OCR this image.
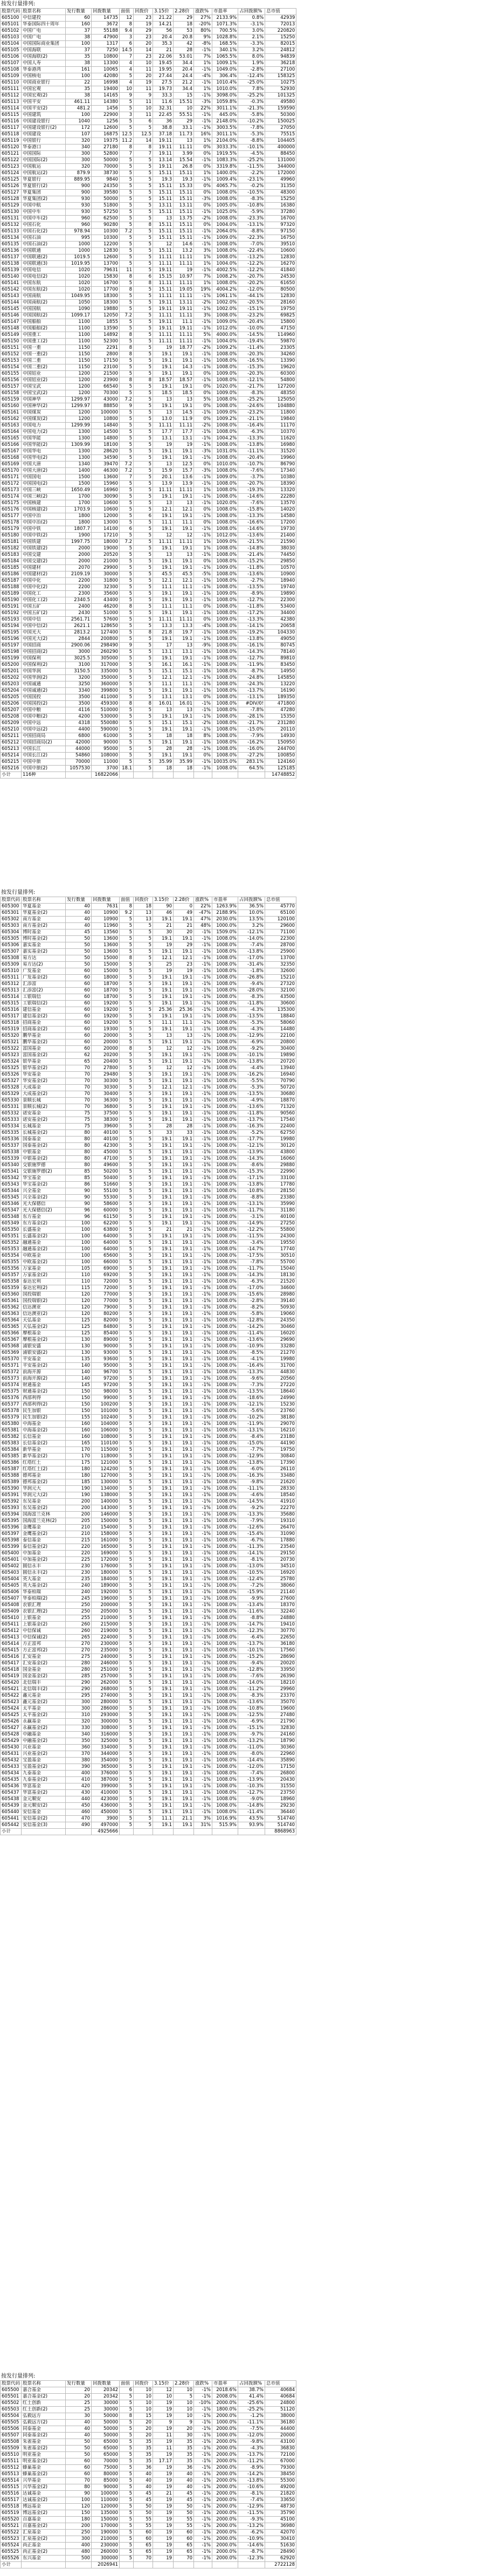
按发行量排列:
股票代码	股票名称	发行数量	回拨数量	面值	回拨价	3.15价	2.28价	涨跌%	市盈率	占回拨额%	总市值
605100	中信建投	60	14735	12	23	21.22	29	27%	2133.9%	0.8%	42939
605101	华泰国际四十周年	160	3672	8	19	14.21	18	-20%	1071.3%	-3.1%	72013
605102	中国广电	37	55188	9.4	29	56	53	80%	700.5%	3.0%	220820
605103	中国广电	38	47900	3	23	20.4	20.8	9%	1028.8%	2.1%	15250
605104	中国国际商业集团	100	1317	6	20	35.3	42	-8%	168.5%	-3.3%	82015
605105	中国海联	37	7250	14.5	14	21	28	-1%	340.1%	3.2%	24812
605106	中国海联(2)	35	10800	7	23	22.06	53.01	7%	1065.5%	8.0%	94839
605107	中国人寿	38	13300	4	10	19.45	34.4	1%	1009.1%	1.9%	36218
605108	华泰港湾	161	10065	4	11	19.95	20.4	-1%	1049.0%	-2.8%	27100
605109	中国核电	100	42080	5	20	27.44	24.4	-4%	306.4%	-12.4%	158325
605110	中国商业银行	22	16998	4	19	27.5	21.2	-1%	1010.4%	-25.0%	10275
605111	中国宏观	35	19400	10	11	19.73	34.4	1%	1010.0%	7.8%	52930
605112	中国宏观(2)	38	14165	9	9	33.3	15	-1%	3098.0%	-25.2%	101325
605113	中国平安	461.11	14380	5	11	11.6	15.51	-3%	1059.8%	-0.3%	49580
605114	中国平安(2)	481.2	1456	5	10	32.31	10	22%	3011.1%	-21.3%	159590
605115	中国建筑	100	22900	3	11	22.45	55.51	-1%	445.0%	-5.8%	50300
605116	中国建设银行	1040	1256	5	6	36	29	-1%	2148.0%	-10.2%	150025
605117	中国建设银行(2)	172	12600	5	5	38.8	33.1	-1%	3003.5%	-7.8%	27050
605118	中国建设	107	16875	12.5	12.5	37.18	11.73	16%	3011.1%	-5.3%	75515
605119	中国银行	320	19375	11.2	14	19.11	13	1%	2104.0%	-8.8%	104405
605120	华泰港口	340	27180	8	8	19.11	11.11	0%	3033.3%	-10.1%	400000
605121	中国国际	300	52800	7	7	19.11	3.99	0%	1919.5%	-4.5%	88450
605122	中国国际(2)	300	50000	5	5	13.14	15.54	-1%	1083.3%	-25.2%	131000
605123	中国航运	320	70000	5	5	19.11	26.8	0%	3319.8%	-11.5%	344000
605124	中国航运(2)	879.9	38730	5	5	15.11	15.11	1%	1400.0%	-2.2%	172000
605125	华夏银行	889.95	9840	5	5	19.3	19.3	-1%	1009.4%	-23.1%	49960
605126	华夏银行(2)	900	24350	5	5	15.11	15.33	0%	4065.7%	-0.2%	31350
605127	华夏集团	900	39580	5	5	15.11	15.11	0%	1008.0%	-10.5%	48300
605128	华夏集团(2)	930	50000	5	5	15.11	15.11	-3%	1008.0%	-8.3%	15250
605129	中国中航	930	51800	5	5	13.11	13.11	0%	1005.0%	-10.8%	16380
605130	中国中车	930	57250	5	5	15.11	15.11	-1%	1025.0%	-5.9%	37280
605131	中国中车(2)	960	62500	5	5	13	13.75	-2%	1008.0%	-23.3%	16700
605132	中国石化	960	90280	5	8	15.11	15.11	0%	1004.0%	-13.1%	97320
605133	中国石化(2)	978.94	10300	7.2	5	15.11	15.11	-1%	2064.0%	-8.8%	97150
605134	中国石油	995	10300	5	5	15.11	15.11	-1%	1009.0%	-22.3%	16750
605135	中国石油(2)	1000	12200	5	5	12	14.6	-1%	1008.0%	-7.0%	39510
605136	中国联通	1000	12830	5	5	15.11	13.2	3%	1008.0%	-22.4%	10600
605137	中国联通(2)	1019.5	12600	5	5	11.11	11.11	1%	1008.0%	-13.2%	12830
605138	中国联通(3)	1019.95	13700	5	5	11.11	11.11	1%	1004.0%	-12.2%	16270
605139	中国电信	1020	79631	11	5	19.11	19	-1%	4002.5%	-12.2%	41840
605140	中国电信(2)	1020	15830	8	6	15.15	10.97	7%	1008.2%	-20.7%	24530
605141	中国东航	1020	16700	5	8	11.11	11.11	1%	1008.0%	-20.2%	61650
605142	中国东航(2)	1020	17700	8	5	15.11	19.05	19%	4004.2%	-12.0%	80500
605143	中国南航	1049.95	18300	5	5	11.11	11.11	-1%	1061.1%	-44.1%	12830
605144	中国南航(2)	1050	18300	5	5	19.11	13.11	-2%	1002.0%	-20.5%	28160
605145	中国国航	1090	19880	5	5	19.11	19.11	-1%	1002.0%	-15.1%	19750
605146	中国国航(2)	1099.17	12050	7.2	5	11.11	11.11	3%	1008.0%	-23.2%	69825
605147	中国船舶	1100	1855	5	5	19.11	11.1	-1%	1009.0%	-20.4%	15800
605148	中国船舶(2)	1100	13590	5	5	19.11	19.11	-1%	1012.0%	-10.0%	47150
605149	中国重工	1100	14892	8	5	11.11	11.11	5%	4000.0%	-14.5%	114960
605150	中国重工(2)	1100	52300	5	5	11.11	11.11	-1%	1004.0%	-19.4%	59870
605151	中国一重	1150	2291	8	5	19	18.77	-2%	1009.2%	-11.4%	23305
605152	中国一重(2)	1150	2800	8	5	19.1	19.1	-1%	1008.0%	-20.3%	34260
605153	中国二重	1150	17150	5	5	19.1	19.1	-1%	1008.0%	-16.5%	13390
605154	中国二重(2)	1150	23100	5	5	19.1	14.3	-1%	1008.0%	-15.3%	19620
605155	中国铝业	1200	21500	5	5	19.1	19.1	0%	1009.0%	-20.3%	60300
605156	中国铝业(2)	1200	23900	8	8	18.57	18.57	-1%	1008.0%	-12.1%	54800
605157	中国宝武	1200	66540	5	5	19.1	19.1	0%	1020.0%	-21.7%	127200
605158	中国宝武(2)	1200	70300	5	5	18.5	18.5	0%	1009.0%	-8.3%	48350
605159	中国神华	1299.97	43000	7.2	5	13	13	5%	1008.0%	-25.2%	125050
605160	中国神华(2)	1299.97	88850	9	5	19.1	19.1	0%	1008.0%	-24.6%	104880
605161	中国煤炭	1200	100000	5	5	13	14.5	-1%	1009.0%	-23.2%	11800
605162	中国煤炭(2)	1200	10800	5	5	13.0	11.9	0%	1009.2%	-21.1%	19840
605163	中国电力	1299.99	14840	5	5	11.11	11.11	-2%	1008.0%	-16.4%	11170
605164	中国电力(2)	1300	14500	5	5	17.7	17.7	-1%	1008.0%	-6.3%	10370
605165	中国华能	1300	14800	5	5	13.1	13.1	-1%	1004.2%	-13.3%	11620
605166	中国华能(2)	1309.99	18100	5	5	19	19	-1%	1008.0%	-13.8%	16980
605167	中国华电	1300	28620	5	5	19.1	19.1	-3%	1031.0%	-11.1%	31520
605168	中国华电(2)	1300	34590	5	5	19.1	19.1	-1%	1008.0%	-20.4%	19960
605169	中国大唐	1340	39470	7.2	5	13	12.5	0%	1010.0%	-10.7%	86790
605170	中国大唐(2)	1400	46300	7.2	5	15.9	15.7	-3%	1008.0%	-7.6%	17340
605171	中国国电	1500	13600	7	5	20.1	13.6	-1%	1009.0%	-3.7%	10380
605172	中国国电(2)	1500	15960	5	5	13.9	13.9	-1%	1008.0%	-20.7%	18390
605173	中国三峡	1650.49	16960	5	5	11.11	11.11	1%	1008.0%	-19.3%	13320
605174	中国三峡(2)	1700	30090	5	5	19.1	19.1	-1%	1008.0%	-14.6%	22280
605175	中国核建	1700	10600	5	5	13	13	-1%	1020.0%	-7.6%	13570
605176	中国核建(2)	1703.9	10600	5	5	12.1	12.1	0%	1008.0%	-15.8%	14020
605177	中国中冶	1800	12000	5	6	19.1	19.1	-1%	1008.0%	-13.3%	14580
605178	中国中冶(2)	1800	13000	5	5	11.1	11.1	0%	1008.0%	-16.6%	17200
605179	中国中铁	1807.7	14100	6	5	19.1	19.1	-1%	1008.0%	-14.6%	19730
605180	中国中铁(2)	1900	17210	5	5	12	12	-1%	1012.0%	-13.6%	21400
605181	中国铁建	1997.75	18000	7.2	5	11.11	11.11	1%	1009.0%	-21.5%	21590
605182	中国铁建(2)	2000	19000	5	5	19.1	19.1	1%	1008.0%	-14.8%	38030
605183	中国交建	2000	20520	5	5	13	13	-1%	1008.0%	-21.4%	74450
605184	中国交建(2)	2000	21000	5	5	19.1	19.1	0%	1008.0%	-15.2%	29850
605185	中国建材	2070	29900	5	5	19.1	19.1	-1%	1009.0%	-11.8%	10570
605186	中国建材(2)	2109.19	30000	5	5	45.5	45.5	-5%	1008.0%	-13.6%	10900
605187	中国中化	2200	31800	5	5	12.1	12.1	-1%	1008.0%	-2.7%	18940
605188	中国中化(2)	2200	32300	5	5	11.1	11.1	-1%	1008.0%	-13.5%	19740
605189	中国化工	2300	35600	5	5	19.1	19.1	-1%	1009.0%	-8.9%	19890
605190	中国化工(2)	2340.5	43400	5	5	19.1	19.1	-1%	1008.0%	-12.7%	22300
605191	中国五矿	2400	46200	8	5	11.1	11.1	0%	1008.0%	-11.8%	53400
605192	中国五矿(2)	2430	51000	5	5	19.1	19.1	-1%	1008.0%	-17.2%	34400
605193	中国中信	2561.71	57600	5	5	11.11	11.11	0%	1009.0%	-13.3%	42380
605194	中国中信(2)	2621.1	128650	5	5	13.3	13.3	-4%	1008.0%	-14.1%	20658
605195	中国光大	2813.2	127400	5	8	21.8	19.7	-1%	1008.0%	-19.2%	104330
605196	中国光大(2)	2844	200800	5	5	19.1	19.1	-1%	1008.0%	-13.8%	49050
605197	中国招商	2900.06	298490	9	5	17	13	-9%	1008.0%	-16.1%	80745
605198	中国招商(2)	3000	260290	5	5	13.1	13.1	-1%	1008.0%	-14.3%	78140
605199	中国保利	3025.5	305000	5	5	19.1	19.1	-1%	1008.0%	-12.7%	89810
605200	中国保利(2)	3100	317000	5	5	16.1	16.1	-1%	1008.0%	-11.9%	83450
605201	中国华润	3150.5	335000	5	5	15.1	15.1	-1%	1008.0%	-8.7%	14950
605202	中国华润(2)	3200	350000	5	5	12.1	12.1	-1%	1008.0%	-24.8%	145850
605203	中国诚通	3250	360000	5	5	11.1	11.1	-1%	1008.0%	-24.3%	13220
605204	中国诚通(2)	3340	399800	5	5	19.1	19.1	-1%	1008.0%	-13.7%	16190
605205	中国国投	3500	411000	5	5	13.1	13.1	0%	1008.0%	-13.1%	189350
605206	中国国投(2)	3500	459300	8	8	16.01	16.01	-1%	1008.0%	#DIV/0!	471800
605207	中国中粮	4116	510000	5	5	13	13	-1%	1008.0%	-7.8%	47280
605208	中国中粮(2)	4200	530000	5	5	19.1	19.1	-1%	1008.0%	-28.1%	15350
605209	中国中远	4318	550080	5	5	15.1	15.1	-2%	1008.0%	-21.7%	231280
605210	中国中远(2)	4400	590000	5	5	19.1	19.1	-1%	1008.0%	-15.0%	20110
605211	中国招商局	6800	61000	5	5	18	18	8%	1008.0%	-7.9%	14930
605212	中国招商局(2)	42000	90000	5	5	19.1	19.1	-1%	1008.0%	-16.2%	150950
605213	中国长江	44000	95000	5	5	28	28	-1%	1008.0%	-16.0%	244700
605214	中国长江(2)	54860	108000	5	5	19.1	19.1	0%	1008.0%	-27.2%	100850
605215	中国中旅	70000	11000	5	5	35.99	35.99	-1%	10035.0%	283.1%	124160
605216	中国中旅(2)	1057530	3700	18.1	5	18	18	-1%	1008.0%	64.5%	125185
小计	116种		16822066								14748852
按发行量排列:
股票代码	股票名称	发行数量	回拨数量	面值	回拨价	3.15价	2.28价	涨跌%	市盈率	占回拨额%	总市值
605300	华夏基金	40	7631	8	18	90	0	22%	1263.9%	36.5%	45770
605301	华夏基金(2)	40	10900	9.2	13	46	49	-47%	2188.9%	10.0%	65100
605302	南方基金	40	10900	5	13	19.1	19.1	47%	2030.0%	13.5%	120100
605303	南方基金(2)	40	11960	5	5	21	21	48%	1000.0%	3.2%	29600
605304	博时基金	45	13560	5	5	30	20	-1%	1509.0%	-12.1%	71100
605305	博时基金(2)	50	13600	5	5	19.1	19.1	-1%	1008.0%	-14.0%	22300
605306	嘉实基金	50	13600	5	5	19	29	-1%	1008.0%	-7.4%	28700
605307	嘉实基金(2)	50	13600	5	5	19.1	19.1	-1%	1008.0%	-13.8%	25900
605308	易方达	50	15000	8	5	12.1	12.1	-1%	1008.0%	-17.0%	13700
605309	易方达(2)	50	15000	5	5	25	23	-1%	1008.0%	-31.4%	32350
605310	广发基金	60	15000	5	5	19	19	-1%	1008.0%	-1.8%	32600
605311	广发基金(2)	60	18000	5	5	19.1	19.1	-1%	1008.0%	-26.8%	15210
605312	汇添富	60	18700	5	5	19.1	19.1	-1%	1008.0%	-9.4%	27320
605313	汇添富(2)	60	18700	5	5	19.1	19.1	-1%	1008.0%	-28.0%	32100
605314	工银瑞信	60	18700	5	5	19.1	19.1	-1%	1008.0%	-8.3%	43500
605315	工银瑞信(2)	60	19200	5	5	19.1	19.1	-1%	1008.0%	-11.8%	30600
605316	建信基金	60	19200	5	5	25.36	25.36	-1%	1008.0%	-4.3%	135300
605317	建信基金(2)	60	19200	5	5	19.1	19.1	-1%	1008.0%	-13.5%	18840
605318	招商基金	60	19200	5	5	11.1	11.1	-1%	1008.0%	-5.3%	58060
605319	招商基金(2)	60	19300	5	5	19.1	19.1	-1%	1008.0%	-4.3%	14480
605320	鹏华基金	60	20000	5	5	13	13	-1%	1008.0%	-12.9%	22100
605321	鹏华基金(2)	60	20000	5	5	19.1	19.1	-1%	1008.0%	-6.9%	20800
605322	富国基金	60	20000	8	5	12	12	-1%	1008.0%	-9.2%	30400
605323	富国基金(2)	62	20200	5	5	19.1	19.1	-1%	1008.0%	-10.1%	19890
605324	银华基金	65	20400	5	5	19.1	19.1	-1%	1008.0%	-13.8%	20720
605325	银华基金(2)	70	27800	5	5	12	12	-1%	1008.0%	-4.4%	13940
605326	华安基金	70	29480	5	5	19.1	19.1	-1%	1008.0%	-16.2%	16940
605327	华安基金(2)	70	30300	5	5	19.1	19.1	-1%	1008.0%	-5.5%	70790
605328	大成基金	70	30300	5	5	12.1	12.1	-1%	1008.0%	-5.3%	50720
605329	大成基金(2)	70	30400	5	5	19.1	19.1	-1%	1008.0%	-13.5%	30680
605330	景顺长城	70	36300	5	5	19.1	19.1	-1%	1008.0%	-4.9%	18870
605331	景顺长城(2)	70	36800	5	5	19.1	19.1	-1%	1008.0%	-13.6%	71320
605332	诺安基金	75	37500	5	5	19.1	19.1	-1%	1008.0%	-11.8%	90560
605333	诺安基金(2)	75	38300	5	5	19.1	19.1	-1%	1008.0%	-13.7%	17540
605334	长城基金	75	39600	5	5	28	28	-1%	1008.0%	-16.3%	22400
605335	长城基金(2)	80	40100	5	5	33	33	-1%	1008.0%	-5.2%	62750
605336	国泰基金	80	40100	5	5	19.1	19.1	-1%	1008.0%	-17.7%	19980
605337	国泰基金(2)	80	42300	5	5	19.1	19.1	-1%	1008.0%	-12.1%	30120
605338	中银基金	80	45000	5	5	19.1	19.1	-1%	1008.0%	-13.9%	43800
605339	中银基金(2)	80	47100	5	5	19.1	19.1	-1%	1008.0%	-14.3%	16060
605340	交银施罗德	80	49600	5	5	19.1	19.1	-1%	1008.0%	-8.6%	29880
605341	交银施罗德(2)	85	50200	5	5	19.1	19.1	-1%	1008.0%	-15.3%	22990
605342	华宝基金	85	50400	5	5	19.1	19.1	-1%	1008.0%	-17.1%	33100
605343	华宝基金(2)	86	51660	5	5	19.1	19.1	-1%	1008.0%	-13.8%	17780
605344	兴全基金	90	55100	5	5	19.1	19.1	-1%	1008.0%	-10.8%	28150
605345	兴全基金(2)	90	55300	5	5	19.1	19.1	-1%	1008.0%	-8.8%	23380
605346	光大保德信	90	58600	5	5	19.1	19.1	-1%	1008.0%	-13.1%	35990
605347	光大保德信(2)	96	60000	5	5	19.1	19.1	-1%	1008.0%	-11.7%	31180
605348	东方基金	96	61150	5	5	19.1	19.1	-1%	1008.0%	-3.1%	40100
605349	东方基金(2)	100	62200	5	5	19.1	19.1	-1%	1008.0%	-14.9%	27250
605350	长盛基金	100	63800	5	5	21	21	-1%	1008.0%	-12.2%	55800
605351	长盛基金(2)	100	64000	5	5	19.1	19.1	-1%	1008.0%	-11.5%	24300
605352	融通基金	100	64000	5	5	19.1	19.1	-1%	1008.0%	-3.4%	19550
605353	融通基金(2)	100	64000	5	5	19.1	19.1	-1%	1008.0%	-14.7%	17740
605354	中欧基金	100	65600	5	5	19.1	19.1	-1%	1008.0%	-17.5%	30510
605355	中欧基金(2)	100	66000	5	5	19.1	19.1	-1%	1008.0%	-7.8%	55700
605356	万家基金	105	69000	5	5	19.1	19.1	-1%	1008.0%	-11.7%	15040
605357	万家基金(2)	110	69200	5	5	19.1	19.1	-1%	1008.0%	-14.3%	18130
605358	泰达宏利	110	72000	5	5	19.1	19.1	-1%	1008.0%	-6.3%	21520
605359	泰达宏利(2)	115	72000	5	5	19.1	19.1	-1%	1008.0%	-17.0%	34600
605360	国投瑞银	120	77000	5	5	19.1	19.1	-1%	1008.0%	-15.6%	28980
605361	国投瑞银(2)	120	77000	5	5	19.1	19.1	-1%	1008.0%	-2.8%	39140
605362	信达澳亚	120	79000	5	5	19.1	19.1	-1%	1008.0%	-8.2%	50930
605363	信达澳亚(2)	120	80200	5	5	19.1	19.1	-1%	1008.0%	-5.8%	19060
605364	天弘基金	125	82000	5	5	19.1	19.1	-1%	1008.0%	-12.8%	24350
605365	天弘基金(2)	125	84800	5	5	19.1	19.1	-1%	1008.0%	-14.2%	30460
605366	摩根基金	125	85400	5	5	19.1	19.1	-1%	1008.0%	-11.4%	16020
605367	摩根基金(2)	130	89000	5	5	19.1	19.1	-1%	1008.0%	-13.6%	29690
605368	浦银安盛	130	90000	5	5	19.1	19.1	-1%	1008.0%	-10.9%	33280
605369	浦银安盛(2)	130	93000	5	5	19.1	19.1	-1%	1008.0%	-8.5%	21270
605370	平安基金	135	93600	5	5	19.1	19.1	-1%	1008.0%	-4.1%	19980
605371	平安基金(2)	140	95000	5	5	19.1	19.1	-1%	1008.0%	-16.4%	31700
605372	前海开源	140	96700	5	5	19.1	19.1	-1%	1008.0%	-13.3%	44830
605373	前海开源(2)	140	97200	5	5	19.1	19.1	-1%	1008.0%	-9.6%	20560
605374	财通基金	145	97200	5	5	19.1	19.1	-1%	1008.0%	-7.3%	27220
605375	财通基金(2)	150	98000	5	5	19.1	19.1	-1%	1008.0%	-13.5%	18640
605376	西部利得	150	99000	5	5	19.1	19.1	-1%	1008.0%	-18.6%	24990
605377	西部利得(2)	150	100200	5	5	19.1	19.1	-1%	1008.0%	-12.1%	15230
605378	民生加银	150	101000	5	5	19.1	19.1	-1%	1008.0%	-5.6%	23760
605379	民生加银(2)	155	102400	5	5	19.1	19.1	-1%	1008.0%	-10.2%	38180
605380	中海基金	160	104000	5	5	19.1	19.1	-1%	1008.0%	-11.9%	29070
605381	中海基金(2)	160	106000	5	5	19.1	19.1	-1%	1008.0%	-13.1%	16210
605382	长信基金	160	108000	5	5	19.1	19.1	-1%	1008.0%	-8.4%	23180
605383	长信基金(2)	165	110100	5	5	19.1	19.1	-1%	1008.0%	-15.0%	44190
605384	新华基金	170	115000	5	5	19.1	19.1	-1%	1008.0%	-7.7%	19750
605385	新华基金(2)	170	118000	5	5	19.1	19.1	-1%	1008.0%	-12.9%	30840
605386	红塔红土	175	121000	5	5	19.1	19.1	-1%	1008.0%	-13.8%	17390
605387	红塔红土(2)	180	124200	5	5	19.1	19.1	-1%	1008.0%	-6.0%	26110
605388	德邦基金	180	127000	5	5	19.1	19.1	-1%	1008.0%	-16.3%	33480
605389	德邦基金(2)	185	130000	5	5	19.1	19.1	-1%	1008.0%	-9.8%	21620
605390	华润元大	190	134000	5	5	19.1	19.1	-1%	1008.0%	-11.1%	28330
605391	华润元大(2)	190	138000	5	5	19.1	19.1	-1%	1008.0%	-4.6%	18540
605392	东吴基金	200	140000	5	5	19.1	19.1	-1%	1008.0%	-14.5%	41910
605393	东吴基金(2)	200	143000	5	5	19.1	19.1	-1%	1008.0%	-9.2%	22270
605394	国海富兰克林	200	146000	5	5	19.1	19.1	-1%	1008.0%	-13.3%	35680
605395	国海富兰克林(2)	205	150000	5	5	19.1	19.1	-1%	1008.0%	-7.9%	19310
605396	金鹰基金	210	154000	5	5	19.1	19.1	-1%	1008.0%	-12.6%	26470
605397	金鹰基金(2)	210	158000	5	5	19.1	19.1	-1%	1008.0%	-15.4%	31090
605398	泰信基金	215	161000	5	5	19.1	19.1	-1%	1008.0%	-6.7%	17880
605399	泰信基金(2)	220	165000	5	5	19.1	19.1	-1%	1008.0%	-11.3%	23540
605400	中加基金	220	169000	5	5	19.1	19.1	-1%	1008.0%	-14.1%	29150
605401	中加基金(2)	225	172000	5	5	19.1	19.1	-1%	1008.0%	-8.1%	20730
605402	圆信永丰	230	176000	5	5	19.1	19.1	-1%	1008.0%	-13.0%	34510
605403	圆信永丰(2)	230	180000	5	5	19.1	19.1	-1%	1008.0%	-10.5%	16920
605404	英大基金	235	184000	5	5	19.1	19.1	-1%	1008.0%	-12.4%	25780
605405	英大基金(2)	240	189000	5	5	19.1	19.1	-1%	1008.0%	-7.2%	38060
605406	华泰柏瑞	240	192000	5	5	19.1	19.1	-1%	1008.0%	-15.9%	21140
605407	华泰柏瑞(2)	245	196000	5	5	19.1	19.1	-1%	1008.0%	-9.9%	27600
605408	农银汇理	250	200000	5	5	19.1	19.1	-1%	1008.0%	-13.4%	18370
605409	农银汇理(2)	250	205000	5	5	19.1	19.1	-1%	1008.0%	-11.6%	32240
605410	上银基金	255	210000	5	5	19.1	19.1	-1%	1008.0%	-8.8%	24880
605411	上银基金(2)	260	215000	5	5	19.1	19.1	-1%	1008.0%	-14.7%	19410
605412	中信保诚	260	219000	5	5	19.1	19.1	-1%	1008.0%	-12.3%	30770
605413	中信保诚(2)	265	224000	5	5	19.1	19.1	-1%	1008.0%	-6.4%	22650
605414	方正富邦	270	230000	5	5	19.1	19.1	-1%	1008.0%	-13.7%	36180
605415	方正富邦(2)	270	235000	5	5	19.1	19.1	-1%	1008.0%	-10.1%	17560
605416	汇安基金	275	240000	5	5	19.1	19.1	-1%	1008.0%	-15.2%	28690
605417	汇安基金(2)	280	246000	5	5	19.1	19.1	-1%	1008.0%	-9.4%	20020
605418	国金基金	280	251000	5	5	19.1	19.1	-1%	1008.0%	-12.8%	33950
605419	国金基金(2)	285	257000	5	5	19.1	19.1	-1%	1008.0%	-7.6%	26390
605420	北信瑞丰	290	262000	5	5	19.1	19.1	-1%	1008.0%	-14.0%	18210
605421	北信瑞丰(2)	290	268000	5	5	19.1	19.1	-1%	1008.0%	-11.2%	29960
605422	鑫元基金	295	274000	5	5	19.1	19.1	-1%	1008.0%	-8.3%	23370
605423	鑫元基金(2)	300	280000	5	5	19.1	19.1	-1%	1008.0%	-13.6%	35070
605424	太平基金	300	286000	5	5	19.1	19.1	-1%	1008.0%	-10.8%	19600
605425	太平基金(2)	310	293000	5	5	19.1	19.1	-1%	1008.0%	-12.5%	27480
605426	永赢基金	320	300000	5	5	19.1	19.1	-1%	1008.0%	-6.9%	21790
605427	永赢基金(2)	330	308000	5	5	19.1	19.1	-1%	1008.0%	-15.1%	32830
605428	中融基金	340	316000	5	5	19.1	19.1	-1%	1008.0%	-9.7%	24160
605429	中融基金(2)	350	325000	5	5	19.1	19.1	-1%	1008.0%	-13.2%	18790
605430	兴业基金	360	334000	5	5	19.1	19.1	-1%	1008.0%	-11.0%	30360
605431	兴业基金(2)	370	344000	5	5	19.1	19.1	-1%	1008.0%	-8.0%	22960
605432	宝盈基金	380	354000	5	5	19.1	19.1	-1%	1008.0%	-14.4%	35890
605433	宝盈基金(2)	390	365000	5	5	19.1	19.1	-1%	1008.0%	-12.0%	17150
605434	九泰基金	400	376000	5	5	19.1	19.1	-1%	1008.0%	-7.4%	26800
605435	九泰基金(2)	410	387000	5	5	19.1	19.1	-1%	1008.0%	-13.9%	20430
605436	华富基金	420	399000	5	5	19.1	19.1	-1%	1008.0%	-10.3%	31550
605437	华富基金(2)	430	410000	5	5	19.1	19.1	-1%	1008.0%	-12.7%	23750
605438	金元顺安	440	423000	5	5	19.1	19.1	-1%	1008.0%	-9.0%	18960
605439	金元顺安(2)	450	436000	5	5	19.1	19.1	-1%	1008.0%	-14.8%	29230
605440	安信基金	460	450000	5	5	19.1	19.1	-1%	1008.0%	-11.4%	36440
605441	安信基金(2)	470	3900	5	5	11.1	21.1	3%	1016.9%	43.5%	514740
605442	安信基金(3)	490	497000	5	5	19.1	19.1	31%	515.9%	93.9%	514740
小计			4925666								8868963
按发行量排列:
股票代码	股票名称	发行数量	回拨数量	面值	回拨价	3.15价	2.28价	涨跌%	市盈率	占回拨额%	总市值
605500	嘉合基金	20	20342	6	10	12	10	-1%	2018.6%	38.7%	40684
605501	嘉合基金(2)	20	20342	5	10	10	5	-1%	2008.0%	41.4%	40684
605502	红土创新	25	30000	5	10	19	10	-10%	2000.0%	-25.6%	24800
605503	红土创新(2)	25	30000	5	10	19	10	-1%	1800.0%	-25.2%	51120
605504	弘毅远方	30	50000	8	15	19	10	-1%	2000.0%	-1.2%	38000
605505	弘毅远方(2)	40	50000	5	20	9	9	-1%	1000.0%	-11.1%	36180
605506	同泰基金	40	50000	5	20	19	20	-1%	2000.0%	-7.5%	44400
605507	同泰基金(2)	40	50000	5	20	11	30	-1%	1000.0%	-12.0%	20000
605508	朱雀基金	50	65000	5	35	19	35	-1%	2000.0%	-9.8%	43100
605509	朱雀基金(2)	50	65000	5	35	11	35	-1%	2000.0%	-4.3%	36830
605510	明亚基金	50	65000	5	35	19	35	-1%	2000.0%	-13.7%	72100
605511	明亚基金(2)	60	70000	5	35	17.17	35	-1%	2000.0%	-11.2%	67000
605512	蜂巢基金	60	75000	5	36	19	36	-1%	2000.0%	-8.9%	79300
605513	蜂巢基金(2)	60	80000	5	40	19	40	-1%	2000.0%	-14.2%	38450
605514	兴华基金	70	85000	5	40	19	40	-1%	2000.0%	-13.8%	55300
605515	兴华基金(2)	80	90000	5	40	19	40	-1%	2000.0%	-10.6%	49200
605516	达诚基金	90	100000	5	45	21	45	-1%	2000.0%	-8.1%	21820
605517	达诚基金(2)	100	110000	5	45	19	45	-1%	2000.0%	-7.4%	33650
605518	博远基金	120	120000	5	50	19	50	-1%	2000.0%	-12.9%	48730
605519	博远基金(2)	150	135000	5	50	19	50	-1%	2000.0%	-11.5%	35790
605520	百嘉基金	180	150000	5	55	19	55	-1%	2000.0%	-9.3%	45100
605521	百嘉基金(2)	200	170000	5	55	19	55	-1%	2000.0%	-13.2%	36980
605522	汇泉基金	250	190000	5	60	19	60	-1%	2000.0%	-6.2%	42070
605523	汇泉基金(2)	300	210000	5	60	19	60	-1%	2000.0%	-10.9%	30410
605524	尚正基金	400	230000	5	65	19	65	-1%	2000.0%	-14.6%	51630
605525	尚正基金(2)	480	260000	5	65	19	65	-1%	2000.0%	-8.7%	28490
605526	东兴基金	500	300000	5	70	19	70	-1%	2000.0%	-12.3%	62920
小计			2026941								2722128
